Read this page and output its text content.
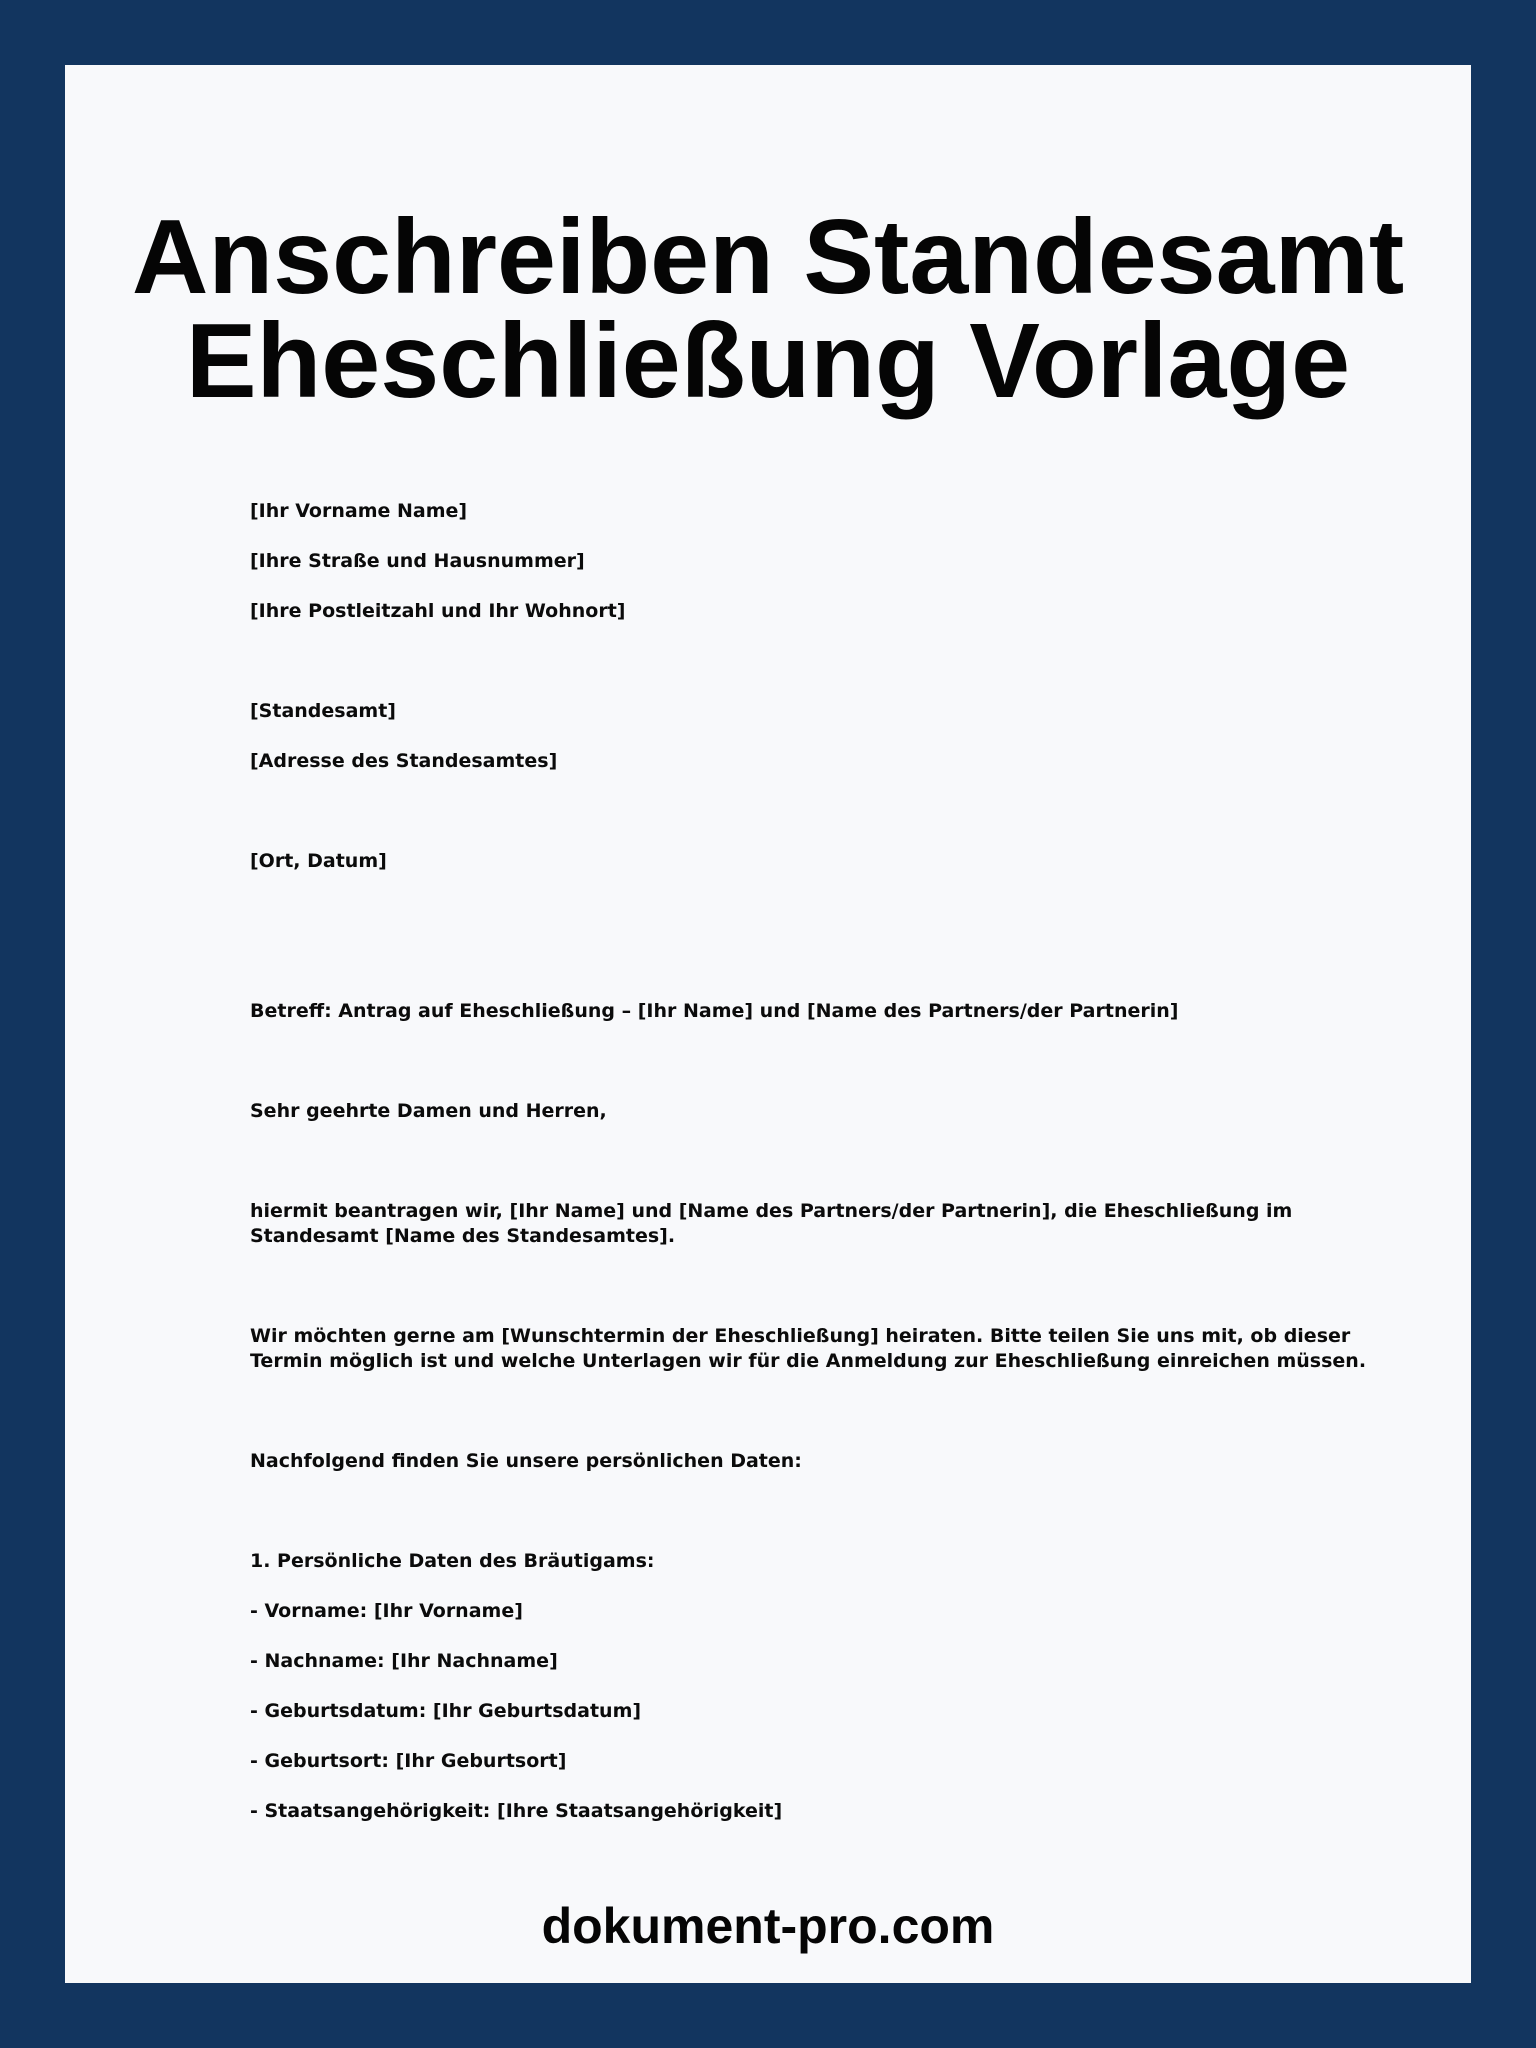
Anschreiben Standesamt
Eheschließung Vorlage
[Ihr Vorname Name]
[Ihre Straße und Hausnummer]
[Ihre Postleitzahl und Ihr Wohnort]
[Standesamt]
[Adresse des Standesamtes]
[Ort, Datum]
Betreff: Antrag auf Eheschließung – [Ihr Name] und [Name des Partners/der Partnerin]
Sehr geehrte Damen und Herren,
hiermit beantragen wir, [Ihr Name] und [Name des Partners/der Partnerin], die Eheschließung im
Standesamt [Name des Standesamtes].
Wir möchten gerne am [Wunschtermin der Eheschließung] heiraten. Bitte teilen Sie uns mit, ob dieser
Termin möglich ist und welche Unterlagen wir für die Anmeldung zur Eheschließung einreichen müssen.
Nachfolgend finden Sie unsere persönlichen Daten:
1. Persönliche Daten des Bräutigams:
- Vorname: [Ihr Vorname]
- Nachname: [Ihr Nachname]
- Geburtsdatum: [Ihr Geburtsdatum]
- Geburtsort: [Ihr Geburtsort]
- Staatsangehörigkeit: [Ihre Staatsangehörigkeit]
dokument-pro.com
